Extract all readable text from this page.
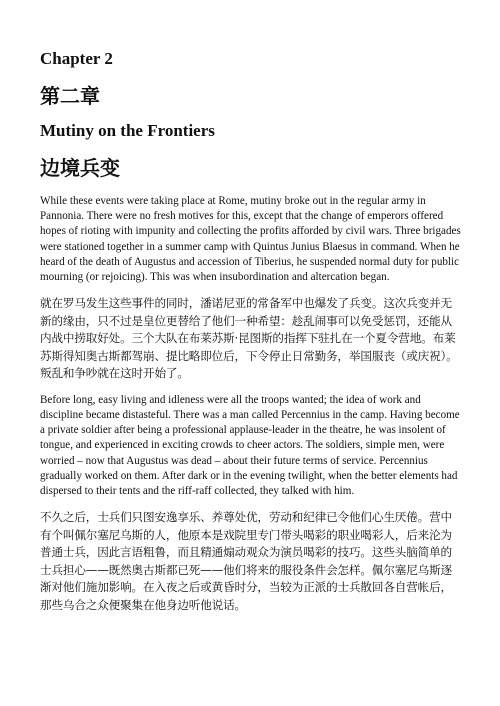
Chapter 2
第二章
Mutiny on the Frontiers
边境兵变

While these events were taking place at Rome, mutiny broke out in the regular army in Pannonia. There were no fresh motives for this, except that the change of emperors offered hopes of rioting with impunity and collecting the profits afforded by civil wars. Three brigades were stationed together in a summer camp with Quintus Junius Blaesus in command. When he heard of the death of Augustus and accession of Tiberius, he suspended normal duty for public mourning (or rejoicing). This was when insubordination and altercation began.

就在罗马发生这些事件的同时，潘诺尼亚的常备军中也爆发了兵变。这次兵变并无新的缘由，只不过是皇位更替给了他们一种希望：趁乱闹事可以免受惩罚，还能从内战中捞取好处。三个大队在布莱苏斯·昆图斯的指挥下驻扎在一个夏令营地。布莱苏斯得知奥古斯都驾崩、提比略即位后，下令停止日常勤务，举国服丧（或庆祝）。叛乱和争吵就在这时开始了。

Before long, easy living and idleness were all the troops wanted; the idea of work and discipline became distasteful. There was a man called Percennius in the camp. Having become a private soldier after being a professional applause-leader in the theatre, he was insolent of tongue, and experienced in exciting crowds to cheer actors. The soldiers, simple men, were worried – now that Augustus was dead – about their future terms of service. Percennius gradually worked on them. After dark or in the evening twilight, when the better elements had dispersed to their tents and the riff-raff collected, they talked with him.

不久之后，士兵们只图安逸享乐、养尊处优，劳动和纪律已令他们心生厌倦。营中有个叫佩尔塞尼乌斯的人，他原本是戏院里专门带头喝彩的职业喝彩人，后来沦为普通士兵，因此言语粗鲁，而且精通煽动观众为演员喝彩的技巧。这些头脑简单的士兵担心——既然奥古斯都已死——他们将来的服役条件会怎样。佩尔塞尼乌斯逐渐对他们施加影响。在入夜之后或黄昏时分，当较为正派的士兵散回各自营帐后，那些乌合之众便聚集在他身边听他说话。
